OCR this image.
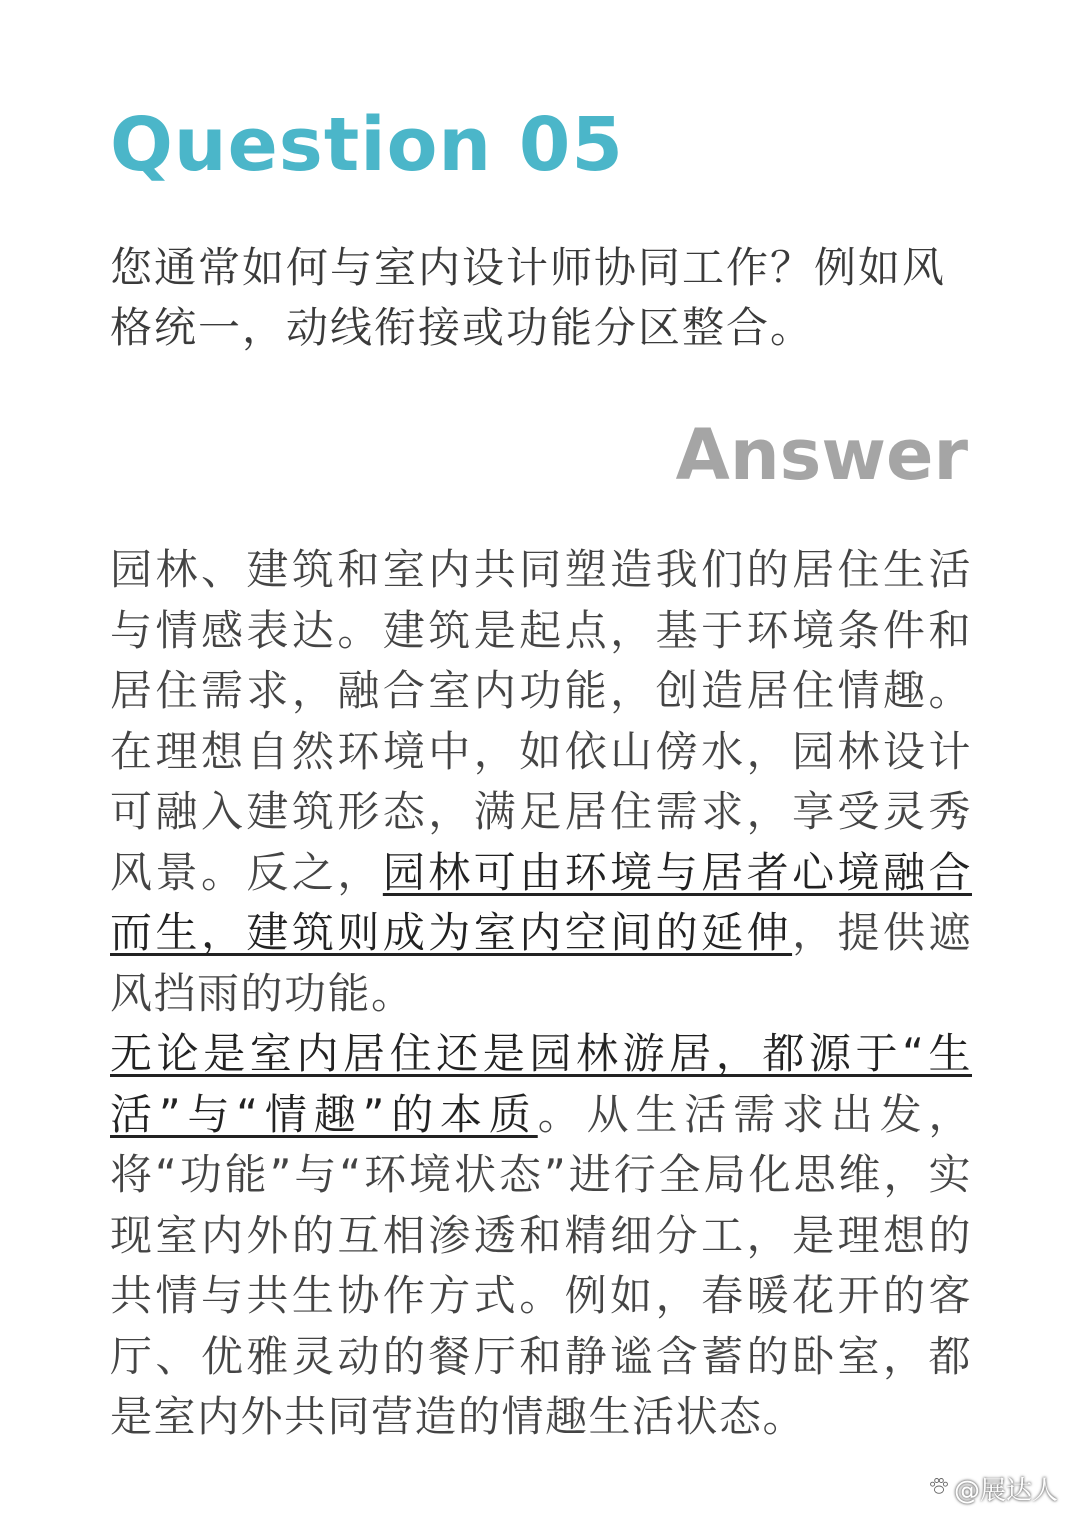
Question 05
您通常如何与室内设计师协同工作？例如风格统一，动线衔接或功能分区整合。
Answer

园林、建筑和室内共同塑造我们的居住生活与情感表达。建筑是起点，基于环境条件和居住需求，融合室内功能，创造居住情趣。在理想自然环境中，如依山傍水，园林设计可融入建筑形态，满足居住需求，享受灵秀风景。反之，园林可由环境与居者心境融合而生，建筑则成为室内空间的延伸，提供遮风挡雨的功能。

无论是室内居住还是园林游居，都源于“生活”与“情趣”的本质。从生活需求出发，将“功能”与“环境状态”进行全局化思维，实现室内外的互相渗透和精细分工，是理想的共情与共生协作方式。例如，春暖花开的客厅、优雅灵动的餐厅和静谧含蓄的卧室，都是室内外共同营造的情趣生活状态。

@展达人
